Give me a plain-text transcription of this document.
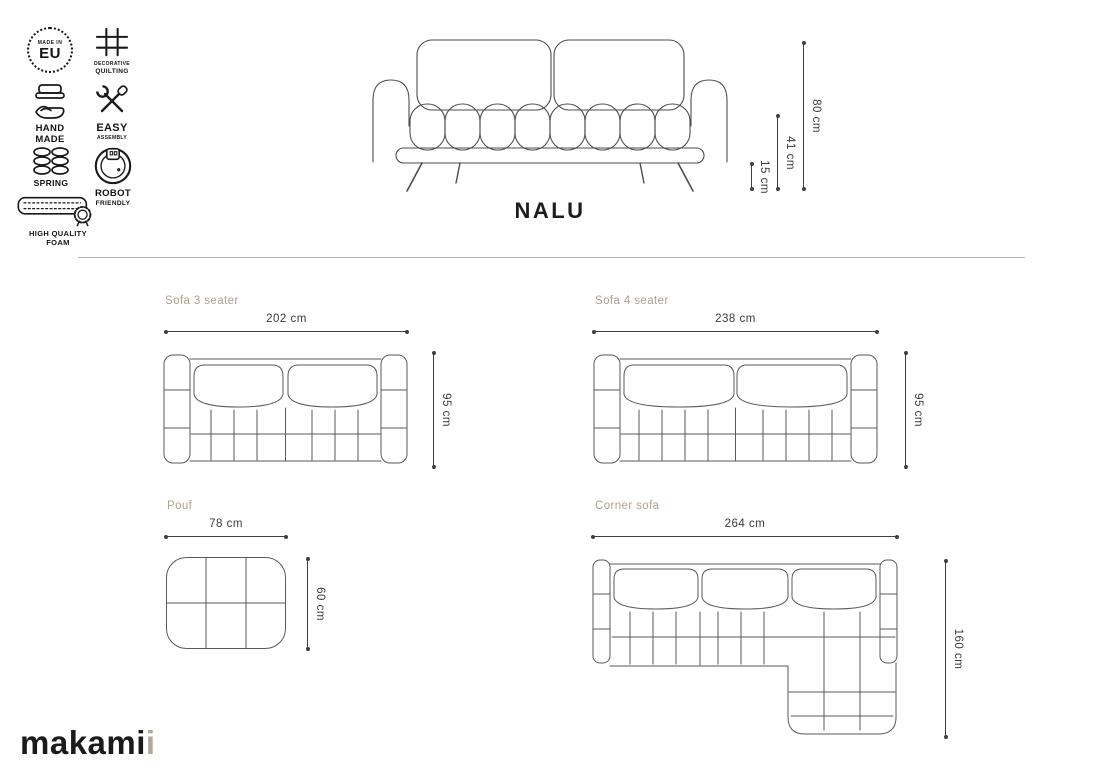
MADE IN
EU
DECORATIVE
QUILTING
HAND
MADE
EASY
ASSEMBLY
SPRING
ROBOT
FRIENDLY
HIGH QUALITY
FOAM
15 cm
41 cm
80 cm
NALU
Sofa 3 seater
202 cm
95 cm
Sofa 4 seater
238 cm
95 cm
Pouf
78 cm
60 cm
Corner sofa
264 cm
160 cm
makamii
